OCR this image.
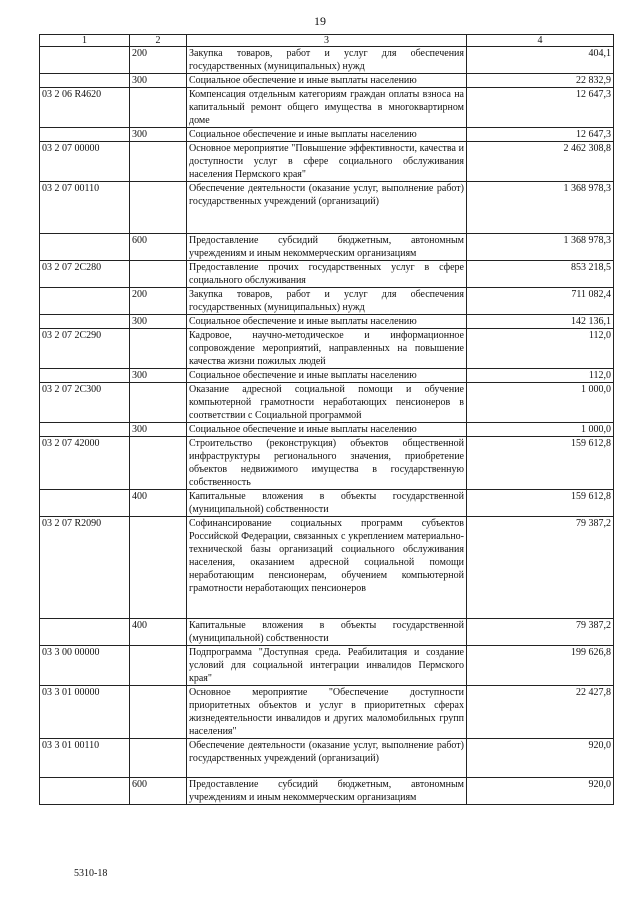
19
1	2	3	4
	200	Закупка товаров, работ и услуг для обеспечения государственных (муниципальных) нужд	404,1
	300	Социальное обеспечение и иные выплаты населению	22 832,9
03 2 06 R4620		Компенсация отдельным категориям граждан оплаты взноса на капитальный ремонт общего имущества в многоквартирном доме	12 647,3
	300	Социальное обеспечение и иные выплаты населению	12 647,3
03 2 07 00000		Основное мероприятие "Повышение эффективности, качества и доступности услуг в сфере социального обслуживания населения Пермского края"	2 462 308,8
03 2 07 00110		Обеспечение деятельности (оказание услуг, выполнение работ) государственных учреждений (организаций)	1 368 978,3
	600	Предоставление субсидий бюджетным, автономным учреждениям и иным некоммерческим организациям	1 368 978,3
03 2 07 2С280		Предоставление прочих государственных услуг в сфере социального обслуживания	853 218,5
	200	Закупка товаров, работ и услуг для обеспечения государственных (муниципальных) нужд	711 082,4
	300	Социальное обеспечение и иные выплаты населению	142 136,1
03 2 07 2С290		Кадровое, научно-методическое и информационное сопровождение мероприятий, направленных на повышение качества жизни пожилых людей	112,0
	300	Социальное обеспечение и иные выплаты населению	112,0
03 2 07 2С300		Оказание адресной социальной помощи и обучение компьютерной грамотности неработающих пенсионеров в соответствии с Социальной программой	1 000,0
	300	Социальное обеспечение и иные выплаты населению	1 000,0
03 2 07 42000		Строительство (реконструкция) объектов общественной инфраструктуры регионального значения, приобретение объектов недвижимого имущества в государственную собственность	159 612,8
	400	Капитальные вложения в объекты государственной (муниципальной) собственности	159 612,8
03 2 07 R2090		Софинансирование социальных программ субъектов Российской Федерации, связанных с укреплением материально-технической базы организаций социального обслуживания населения, оказанием адресной социальной помощи неработающим пенсионерам, обучением компьютерной грамотности неработающих пенсионеров	79 387,2
	400	Капитальные вложения в объекты государственной (муниципальной) собственности	79 387,2
03 3 00 00000		Подпрограмма "Доступная среда. Реабилитация и создание условий для социальной интеграции инвалидов Пермского края"	199 626,8
03 3 01 00000		Основное мероприятие "Обеспечение доступности приоритетных объектов и услуг в приоритетных сферах жизнедеятельности инвалидов и других маломобильных групп населения"	22 427,8
03 3 01 00110		Обеспечение деятельности (оказание услуг, выполнение работ) государственных учреждений (организаций)	920,0
	600	Предоставление субсидий бюджетным, автономным учреждениям и иным некоммерческим организациям	920,0
5310-18
